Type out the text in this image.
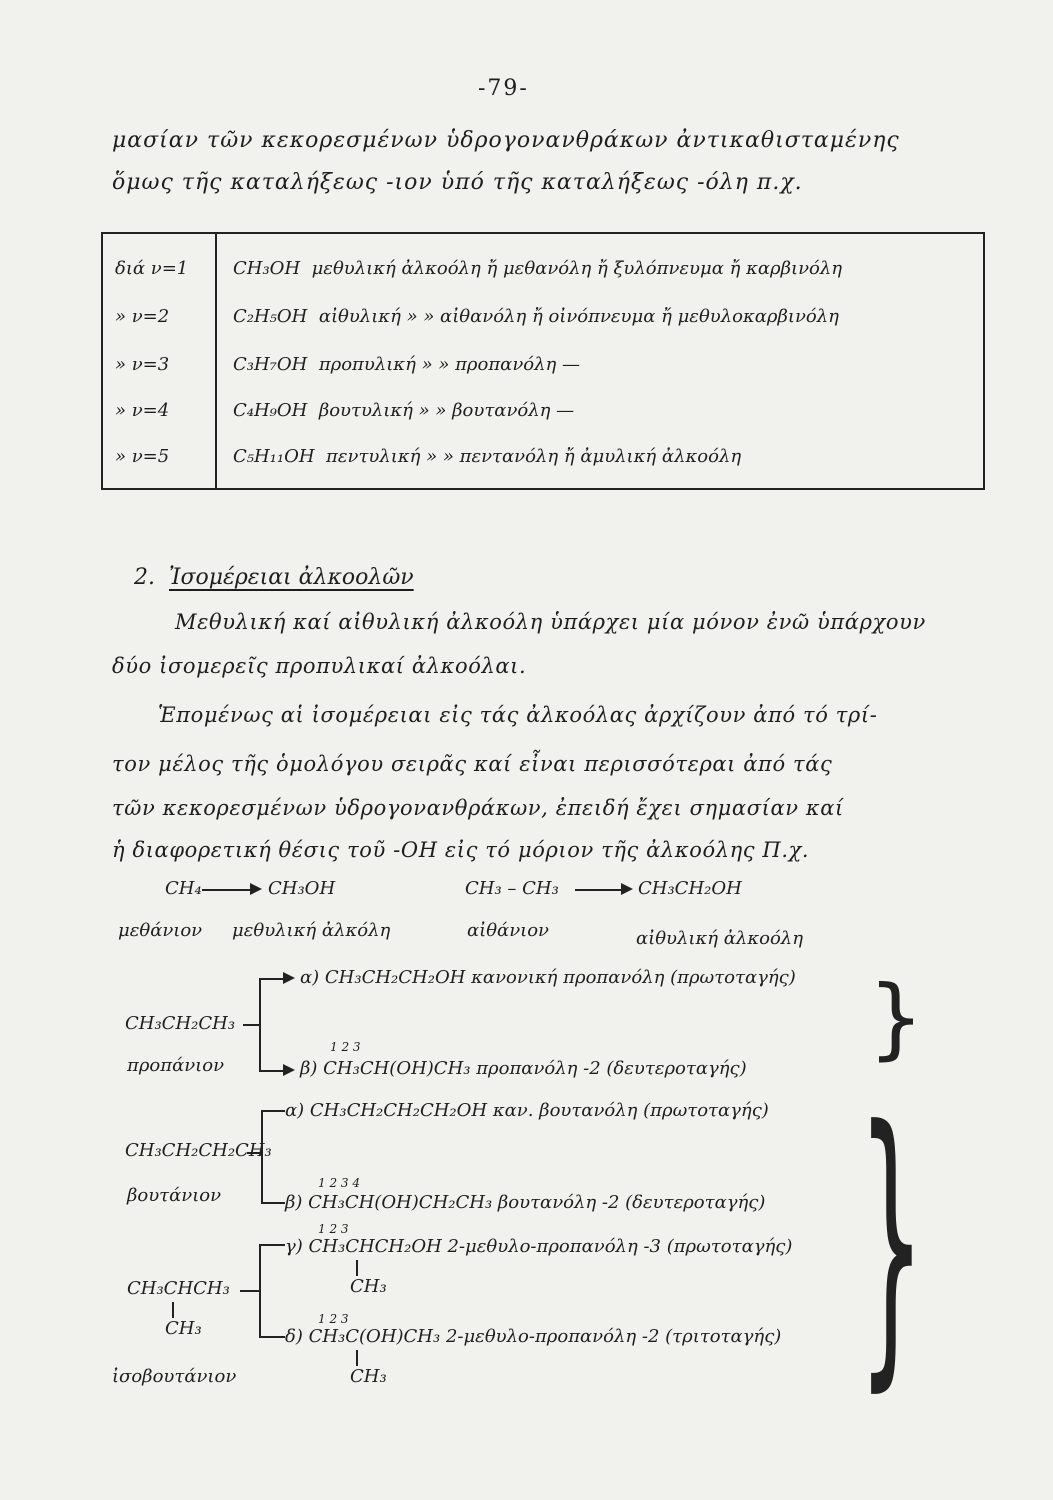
-79-
μασίαν τῶν κεκορεσμένων ὑδρογονανθράκων ἀντικαθισταμένης
ὅμως τῆς καταλήξεως -ιον ὑπό τῆς καταλήξεως -όλη π.χ.
διά ν=1	CH₃OH μεθυλική ἀλκοόλη ἤ μεθανόλη ἤ ξυλόπνευμα ἤ καρβινόλη
» ν=2	C₂H₅OH αἰθυλική » » αἰθανόλη ἤ οἰνόπνευμα ἤ μεθυλοκαρβινόλη
» ν=3	C₃H₇OH προπυλική » » προπανόλη —
» ν=4	C₄H₉OH βουτυλική » » βουτανόλη —
» ν=5	C₅H₁₁OH πεντυλική » » πεντανόλη ἤ ἀμυλική ἀλκοόλη
2. Ἰσομέρειαι ἀλκοολῶν
Μεθυλική καί αἰθυλική ἀλκοόλη ὑπάρχει μία μόνον ἐνῶ ὑπάρχουν
δύο ἰσομερεῖς προπυλικαί ἀλκοόλαι.
Ἑπομένως αἱ ἰσομέρειαι εἰς τάς ἀλκοόλας ἀρχίζουν ἀπό τό τρί-
τον μέλος τῆς ὁμολόγου σειρᾶς καί εἶναι περισσότεραι ἀπό τάς
τῶν κεκορεσμένων ὑδρογονανθράκων, ἐπειδή ἔχει σημασίαν καί
ἡ διαφορετική θέσις τοῦ -OH εἰς τό μόριον τῆς ἀλκοόλης Π.χ.
CH₄	CH₃OH	CH₃ – CH₃	CH₃CH₂OH
μεθάνιον μεθυλική ἀλκόλη	αἰθάνιον	αἰθυλική ἀλκοόλη
CH₃CH₂CH₃
προπάνιον
α) CH₃CH₂CH₂OH κανονική προπανόλη (πρωτοταγής)
1 2 3
β) CH₃CH(OH)CH₃ προπανόλη -2 (δευτεροταγής) }
CH₃CH₂CH₂CH₃
βουτάνιον
α) CH₃CH₂CH₂CH₂OH καν. βουτανόλη (πρωτοταγής)
1 2 3 4
β) CH₃CH(OH)CH₂CH₃ βουτανόλη -2 (δευτεροταγής)
CH₃CHCH₃
CH₃
ἰσοβουτάνιον
1 2 3
γ) CH₃CHCH₂OH 2-μεθυλο-προπανόλη -3 (πρωτοταγής)
CH₃
1 2 3
δ) CH₃C(OH)CH₃ 2-μεθυλο-προπανόλη -2 (τριτοταγής)
CH₃ }
